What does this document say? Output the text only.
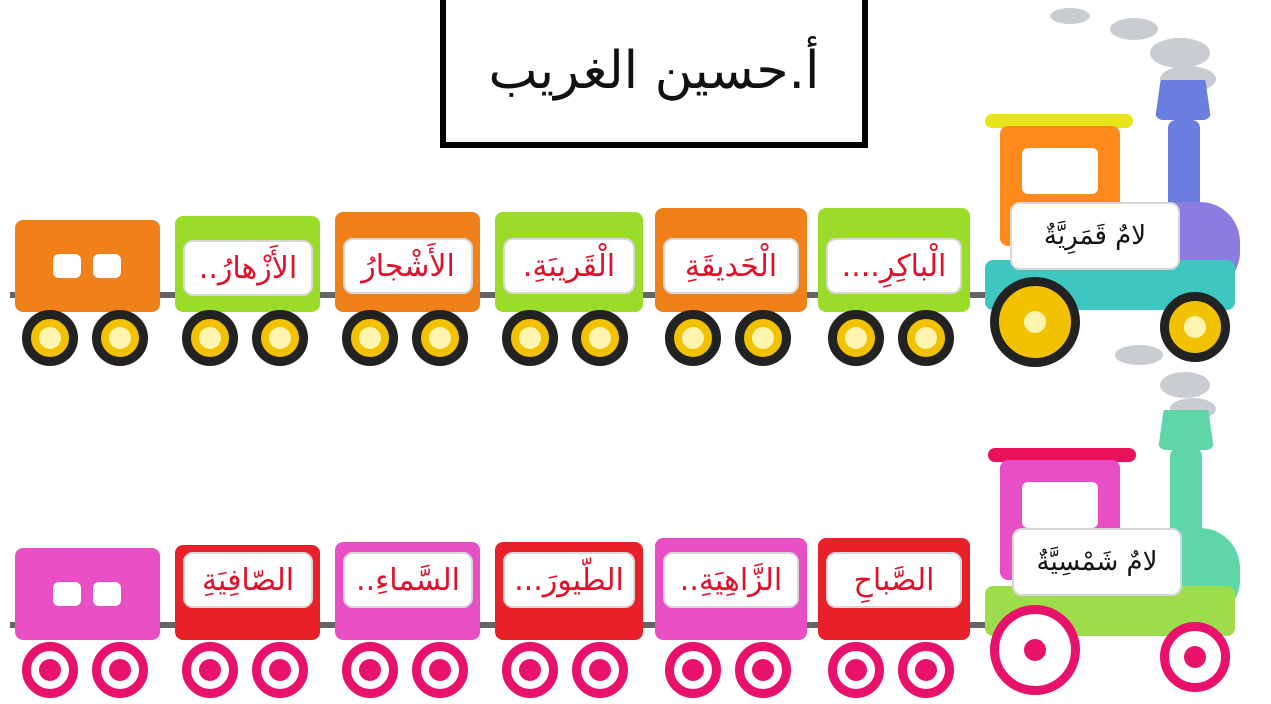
أ.حسين الغريب
الأَزْهارُ..	الأَشْجارُ	الْقَريبَةِ.	الْحَديقَةِ	الْباكِرِ....
لامٌ قَمَرِيَّةٌ
الصّافِيَةِ	السَّماءِ..	الطّيورَ...	الزَّاهِيَةِ..	الصَّباحِ
لامٌ شَمْسِيَّةٌ
